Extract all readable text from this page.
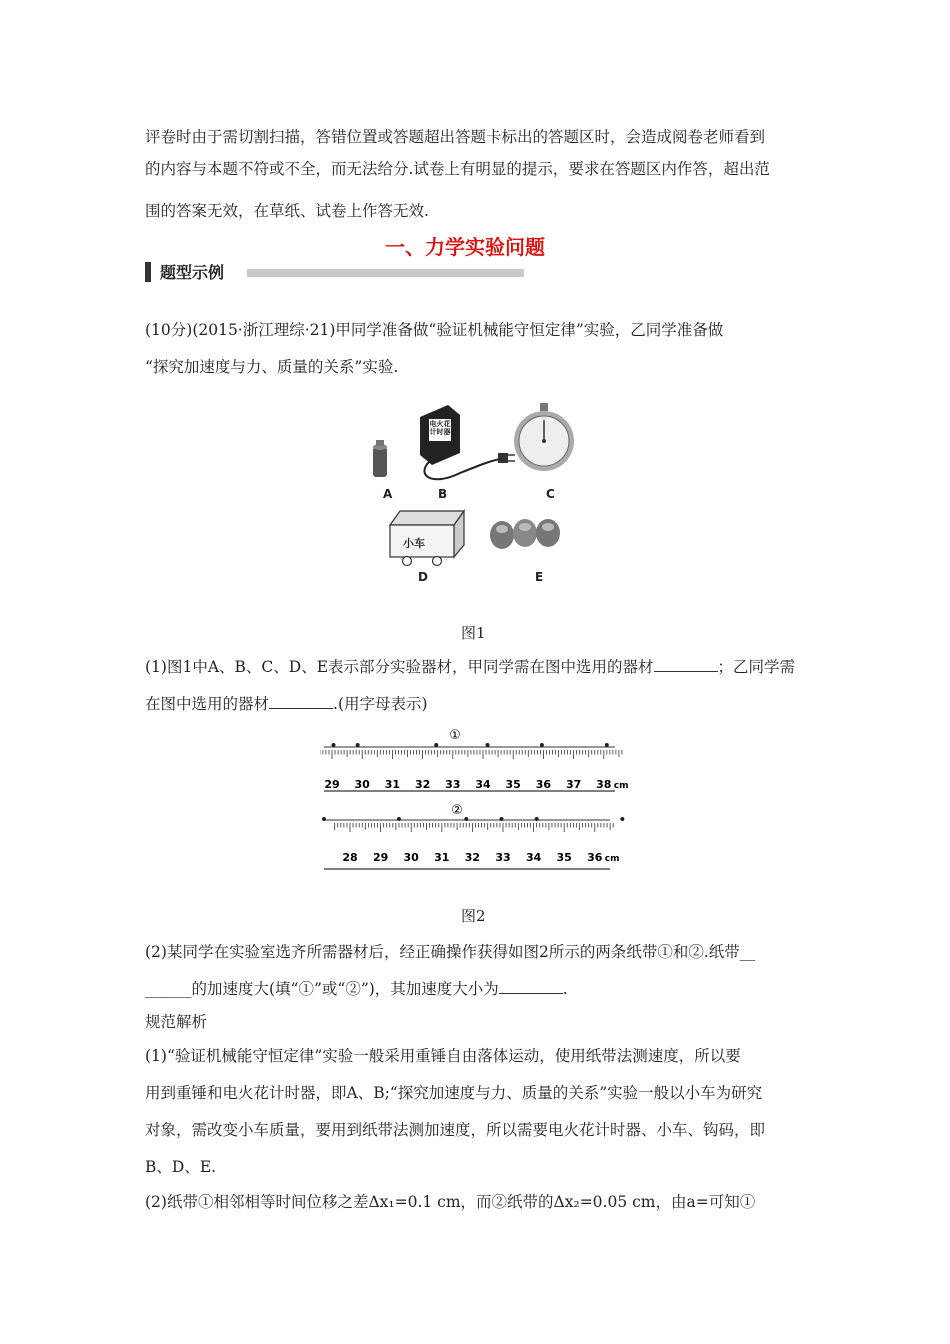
评卷时由于需切割扫描，答错位置或答题超出答题卡标出的答题区时，会造成阅卷老师看到
的内容与本题不符或不全，而无法给分.试卷上有明显的提示，要求在答题区内作答，超出范
围的答案无效，在草纸、试卷上作答无效.
一、力学实验问题
题型示例
(10分)(2015·浙江理综·21)甲同学准备做“验证机械能守恒定律”实验，乙同学准备做
“探究加速度与力、质量的关系”实验.
电火花计时器
小车
A	B	C
D	E
图1
(1)图1中A、B、C、D、E表示部分实验器材，甲同学需在图中选用的器材	；乙同学需
在图中选用的器材	.(用字母表示)
29 30 31 32 33 34 35 36 37 38 cm
①
28 29 30 31 32 33 34 35 36 cm
②
图2
(2)某同学在实验室选齐所需器材后，经正确操作获得如图2所示的两条纸带①和②.纸带__
______的加速度大(填“①”或“②”)，其加速度大小为	.
规范解析
(1)“验证机械能守恒定律”实验一般采用重锤自由落体运动，使用纸带法测速度，所以要
用到重锤和电火花计时器，即A、B;“探究加速度与力、质量的关系”实验一般以小车为研究
对象，需改变小车质量，要用到纸带法测加速度，所以需要电火花计时器、小车、钩码，即
B、D、E.
(2)纸带①相邻相等时间位移之差Δx₁=0.1 cm，而②纸带的Δx₂=0.05 cm，由a=可知①
